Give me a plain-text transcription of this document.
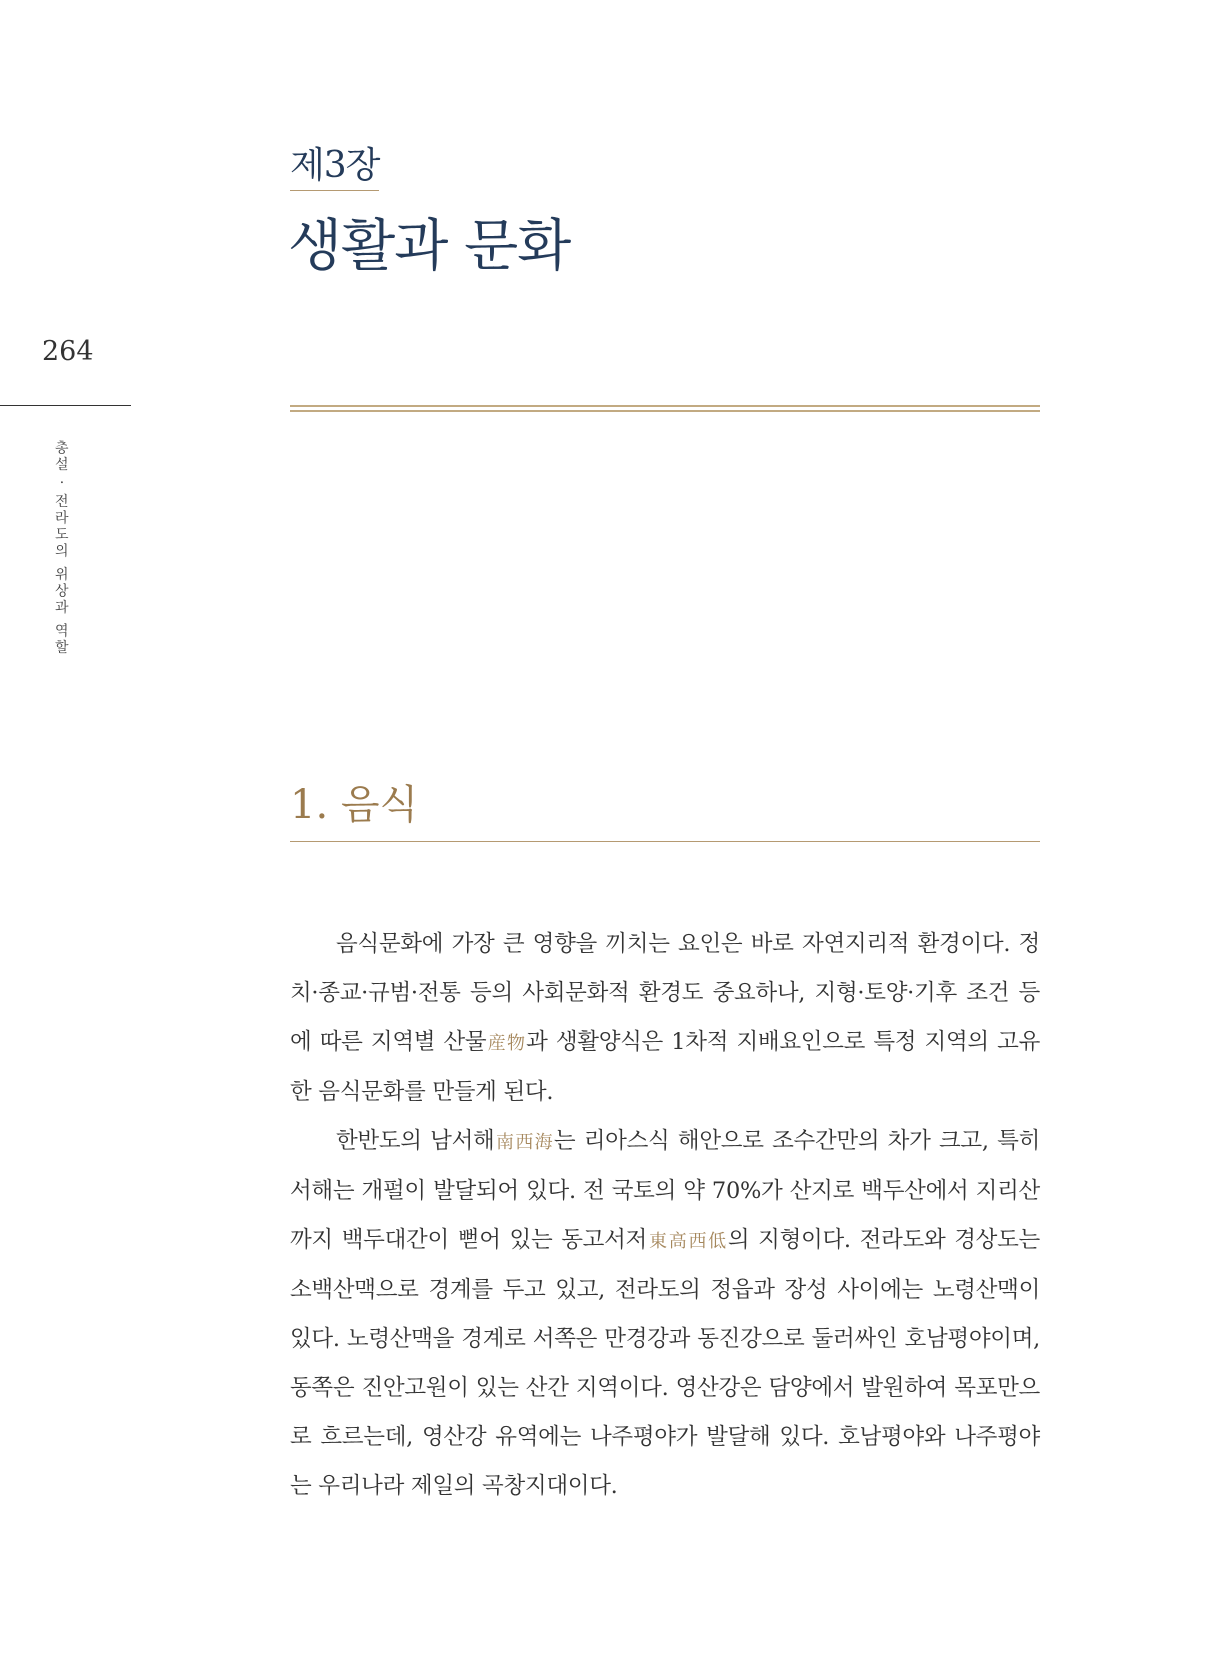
제3장
생활과 문화
264
총설 · 전라도의 위상과 역할
1. 음식

음식문화에 가장 큰 영향을 끼치는 요인은 바로 자연지리적 환경이다. 정치·종교·규범·전통 등의 사회문화적 환경도 중요하나, 지형·토양·기후 조건 등에 따른 지역별 산물産物과 생활양식은 1차적 지배요인으로 특정 지역의 고유한 음식문화를 만들게 된다.

한반도의 남서해南西海는 리아스식 해안으로 조수간만의 차가 크고, 특히 서해는 개펄이 발달되어 있다. 전 국토의 약 70%가 산지로 백두산에서 지리산까지 백두대간이 뻗어 있는 동고서저東高西低의 지형이다. 전라도와 경상도는 소백산맥으로 경계를 두고 있고, 전라도의 정읍과 장성 사이에는 노령산맥이 있다. 노령산맥을 경계로 서쪽은 만경강과 동진강으로 둘러싸인 호남평야이며, 동쪽은 진안고원이 있는 산간 지역이다. 영산강은 담양에서 발원하여 목포만으로 흐르는데, 영산강 유역에는 나주평야가 발달해 있다. 호남평야와 나주평야는 우리나라 제일의 곡창지대이다.
